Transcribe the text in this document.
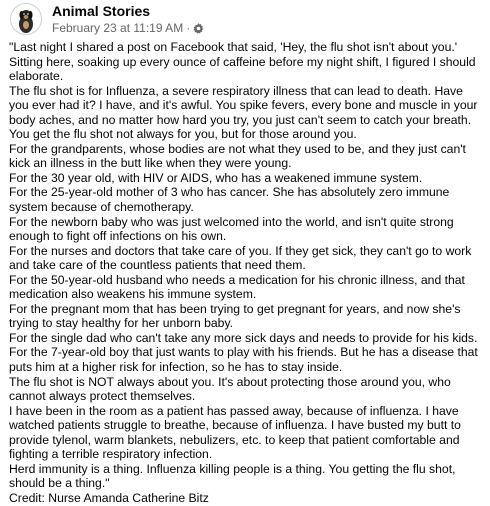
Animal Stories
February 23 at 11:19 AM ·

"Last night I shared a post on Facebook that said, 'Hey, the flu shot isn't about you.' Sitting here, soaking up every ounce of caffeine before my night shift, I figured I should elaborate.

The flu shot is for Influenza, a severe respiratory illness that can lead to death. Have you ever had it? I have, and it's awful. You spike fevers, every bone and muscle in your body aches, and no matter how hard you try, you just can't seem to catch your breath.

You get the flu shot not always for you, but for those around you.

For the grandparents, whose bodies are not what they used to be, and they just can't kick an illness in the butt like when they were young.

For the 30 year old, with HIV or AIDS, who has a weakened immune system.

For the 25-year-old mother of 3 who has cancer. She has absolutely zero immune system because of chemotherapy.

For the newborn baby who was just welcomed into the world, and isn't quite strong enough to fight off infections on his own.

For the nurses and doctors that take care of you. If they get sick, they can't go to work and take care of the countless patients that need them.

For the 50-year-old husband who needs a medication for his chronic illness, and that medication also weakens his immune system.

For the pregnant mom that has been trying to get pregnant for years, and now she's trying to stay healthy for her unborn baby.

For the single dad who can't take any more sick days and needs to provide for his kids.

For the 7-year-old boy that just wants to play with his friends. But he has a disease that puts him at a higher risk for infection, so he has to stay inside.

The flu shot is NOT always about you. It's about protecting those around you, who cannot always protect themselves.

I have been in the room as a patient has passed away, because of influenza. I have watched patients struggle to breathe, because of influenza. I have busted my butt to provide tylenol, warm blankets, nebulizers, etc. to keep that patient comfortable and fighting a terrible respiratory infection.

Herd immunity is a thing. Influenza killing people is a thing. You getting the flu shot, should be a thing."

Credit: Nurse Amanda Catherine Bitz
